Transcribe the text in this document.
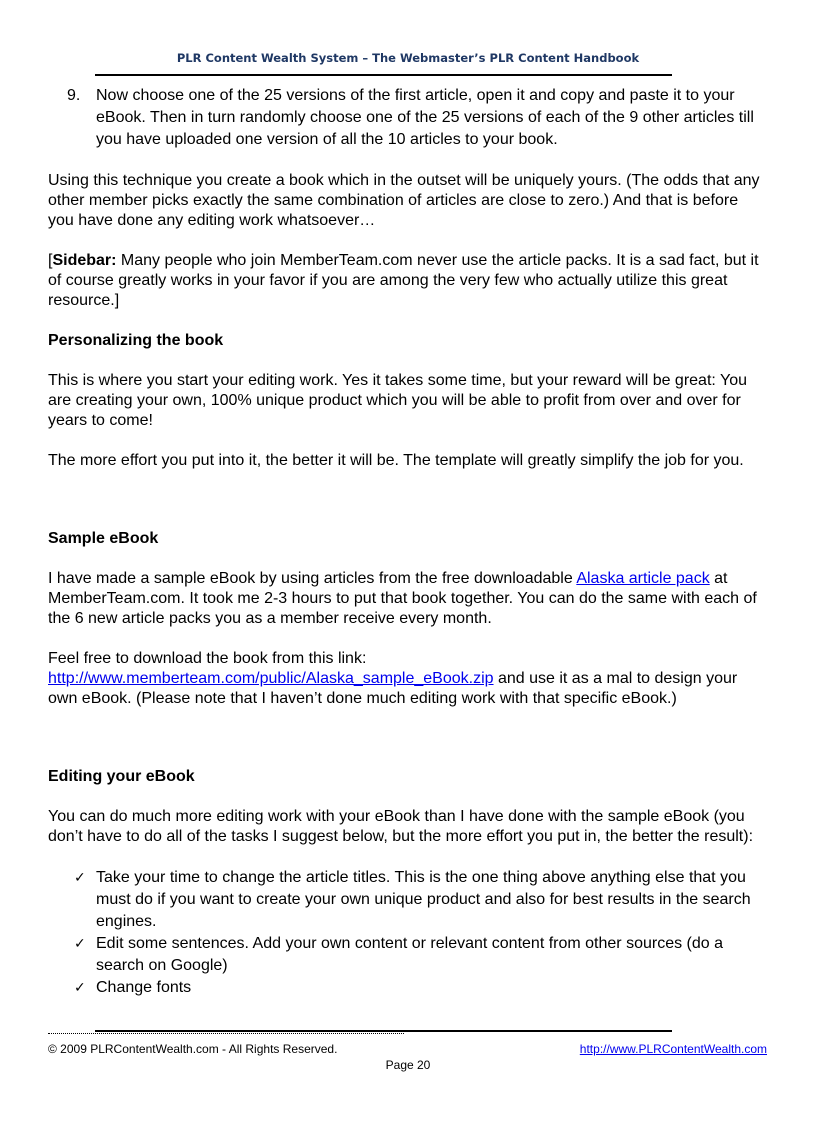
PLR Content Wealth System – The Webmaster’s PLR Content Handbook
9. Now choose one of the 25 versions of the first article, open it and copy and paste it to your eBook. Then in turn randomly choose one of the 25 versions of each of the 9 other articles till you have uploaded one version of all the 10 articles to your book.

Using this technique you create a book which in the outset will be uniquely yours. (The odds that any other member picks exactly the same combination of articles are close to zero.) And that is before you have done any editing work whatsoever…

[Sidebar: Many people who join MemberTeam.com never use the article packs. It is a sad fact, but it of course greatly works in your favor if you are among the very few who actually utilize this great resource.]

Personalizing the book

This is where you start your editing work. Yes it takes some time, but your reward will be great: You are creating your own, 100% unique product which you will be able to profit from over and over for years to come!

The more effort you put into it, the better it will be. The template will greatly simplify the job for you.

Sample eBook

I have made a sample eBook by using articles from the free downloadable Alaska article pack at MemberTeam.com. It took me 2-3 hours to put that book together. You can do the same with each of the 6 new article packs you as a member receive every month.

Feel free to download the book from this link:
http://www.memberteam.com/public/Alaska_sample_eBook.zip and use it as a mal to design your own eBook. (Please note that I haven’t done much editing work with that specific eBook.)

Editing your eBook

You can do much more editing work with your eBook than I have done with the sample eBook (you don’t have to do all of the tasks I suggest below, but the more effort you put in, the better the result):

✓ Take your time to change the article titles. This is the one thing above anything else that you must do if you want to create your own unique product and also for best results in the search engines.
✓ Edit some sentences. Add your own content or relevant content from other sources (do a search on Google)
✓ Change fonts
© 2009 PLRContentWealth.com - All Rights Reserved.	http://www.PLRContentWealth.com
Page 20
